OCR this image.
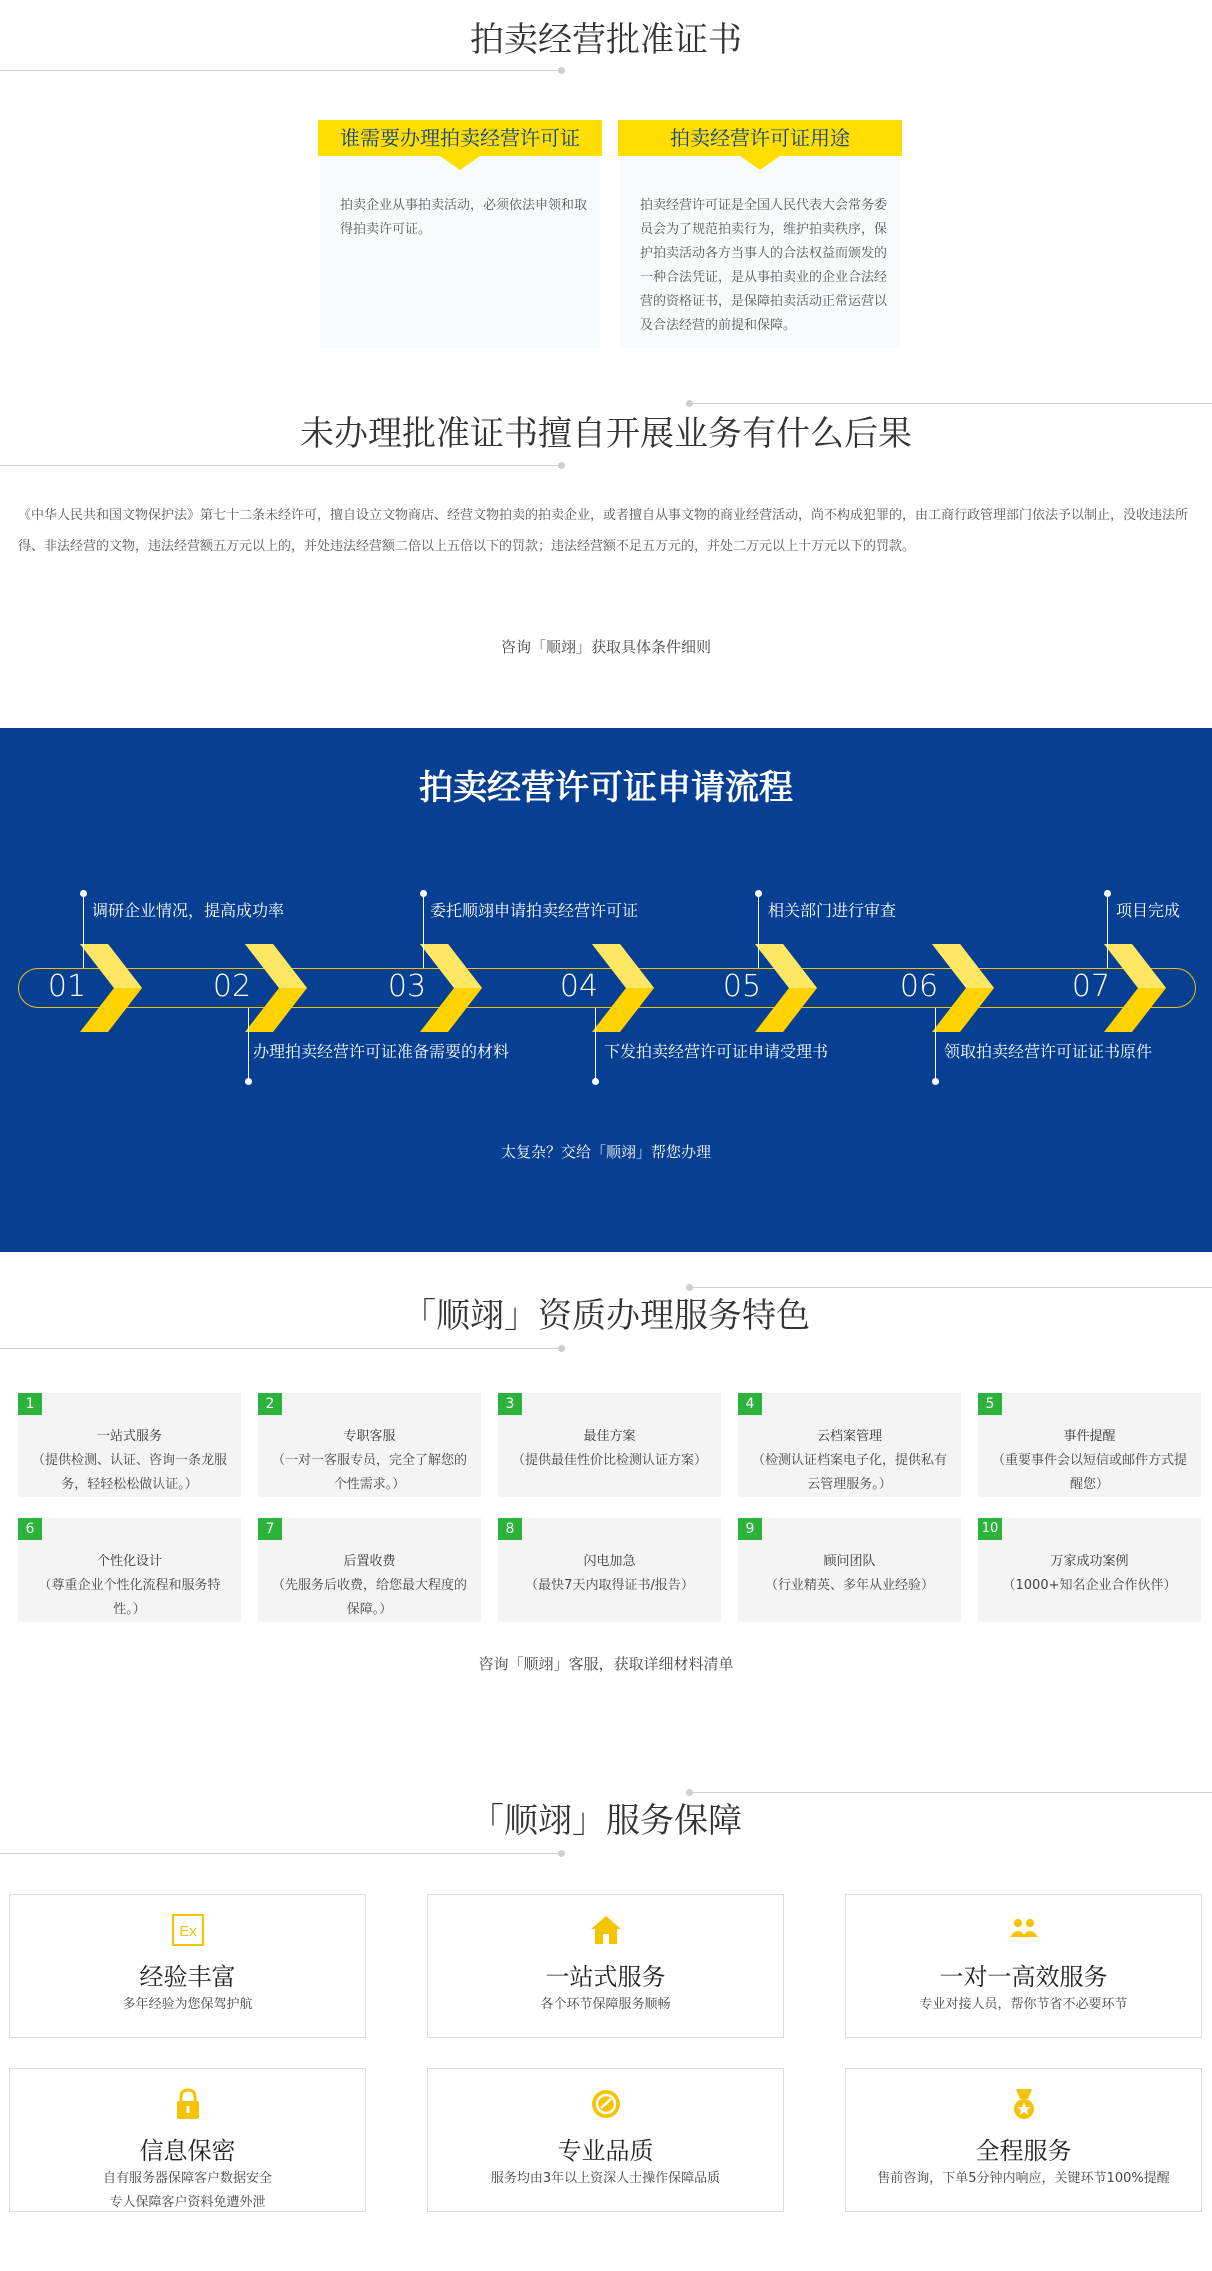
拍卖经营批准证书
谁需要办理拍卖经营许可证
拍卖企业从事拍卖活动，必须依法申领和取得拍卖许可证。
拍卖经营许可证用途
拍卖经营许可证是全国人民代表大会常务委员会为了规范拍卖行为，维护拍卖秩序，保护拍卖活动各方当事人的合法权益而颁发的一种合法凭证，是从事拍卖业的企业合法经营的资格证书，是保障拍卖活动正常运营以及合法经营的前提和保障。
未办理批准证书擅自开展业务有什么后果

《中华人民共和国文物保护法》第七十二条未经许可，擅自设立文物商店、经营文物拍卖的拍卖企业，或者擅自从事文物的商业经营活动，尚不构成犯罪的，由工商行政管理部门依法予以制止，没收违法所得、非法经营的文物，违法经营额五万元以上的，并处违法经营额二倍以上五倍以下的罚款；违法经营额不足五万元的，并处二万元以上十万元以下的罚款。

咨询「顺翊」获取具体条件细则
拍卖经营许可证申请流程
01	02	03	04	05	06	07
调研企业情况，提高成功率	委托顺翊申请拍卖经营许可证	相关部门进行审查	项目完成
办理拍卖经营许可证准备需要的材料	下发拍卖经营许可证申请受理书	领取拍卖经营许可证证书原件
太复杂？交给「顺翊」帮您办理
「顺翊」资质办理服务特色
1
一站式服务
（提供检测、认证、咨询一条龙服务，轻轻松松做认证。）
2
专职客服
（一对一客服专员，完全了解您的个性需求。）
3
最佳方案
（提供最佳性价比检测认证方案）
4
云档案管理
（检测认证档案电子化，提供私有云管理服务。）
5
事件提醒
（重要事件会以短信或邮件方式提醒您）
6
个性化设计
（尊重企业个性化流程和服务特性。）
7
后置收费
（先服务后收费，给您最大程度的保障。）
8
闪电加急
（最快7天内取得证书/报告）
9
顾问团队
（行业精英、多年从业经验）
10
万家成功案例
（1000+知名企业合作伙伴）
咨询「顺翊」客服，获取详细材料清单
「顺翊」服务保障
Ex
经验丰富
多年经验为您保驾护航
一站式服务
各个环节保障服务顺畅
一对一高效服务
专业对接人员，帮你节省不必要环节
信息保密
自有服务器保障客户数据安全
专人保障客户资料免遭外泄
专业品质
服务均由3年以上资深人士操作保障品质
全程服务
售前咨询，下单5分钟内响应，关键环节100%提醒
